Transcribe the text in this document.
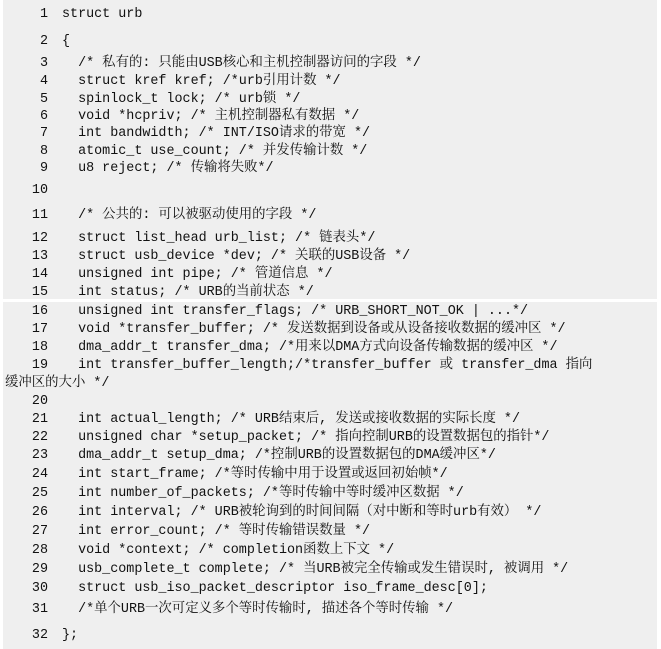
1 struct urb
2 {
3 /* 私有的: 只能由USB核心和主机控制器访问的字段 */
4 struct kref kref; /*urb引用计数 */
5 spinlock_t lock; /* urb锁 */
6 void *hcpriv; /* 主机控制器私有数据 */
7 int bandwidth; /* INT/ISO请求的带宽 */
8 atomic_t use_count; /* 并发传输计数 */
9 u8 reject; /* 传输将失败*/
10
11 /* 公共的: 可以被驱动使用的字段 */
12 struct list_head urb_list; /* 链表头*/
13 struct usb_device *dev; /* 关联的USB设备 */
14 unsigned int pipe; /* 管道信息 */
15 int status; /* URB的当前状态 */
16 unsigned int transfer_flags; /* URB_SHORT_NOT_OK | ...*/
17 void *transfer_buffer; /* 发送数据到设备或从设备接收数据的缓冲区 */
18 dma_addr_t transfer_dma; /*用来以DMA方式向设备传输数据的缓冲区 */
19 int transfer_buffer_length;/*transfer_buffer 或 transfer_dma 指向
缓冲区的大小 */
20
21 int actual_length; /* URB结束后, 发送或接收数据的实际长度 */
22 unsigned char *setup_packet; /* 指向控制URB的设置数据包的指针*/
23 dma_addr_t setup_dma; /*控制URB的设置数据包的DMA缓冲区*/
24 int start_frame; /*等时传输中用于设置或返回初始帧*/
25 int number_of_packets; /*等时传输中等时缓冲区数据 */
26 int interval; /* URB被轮询到的时间间隔（对中断和等时urb有效） */
27 int error_count; /* 等时传输错误数量 */
28 void *context; /* completion函数上下文 */
29 usb_complete_t complete; /* 当URB被完全传输或发生错误时, 被调用 */
30 struct usb_iso_packet_descriptor iso_frame_desc[0];
31 /*单个URB一次可定义多个等时传输时, 描述各个等时传输 */
32 };
